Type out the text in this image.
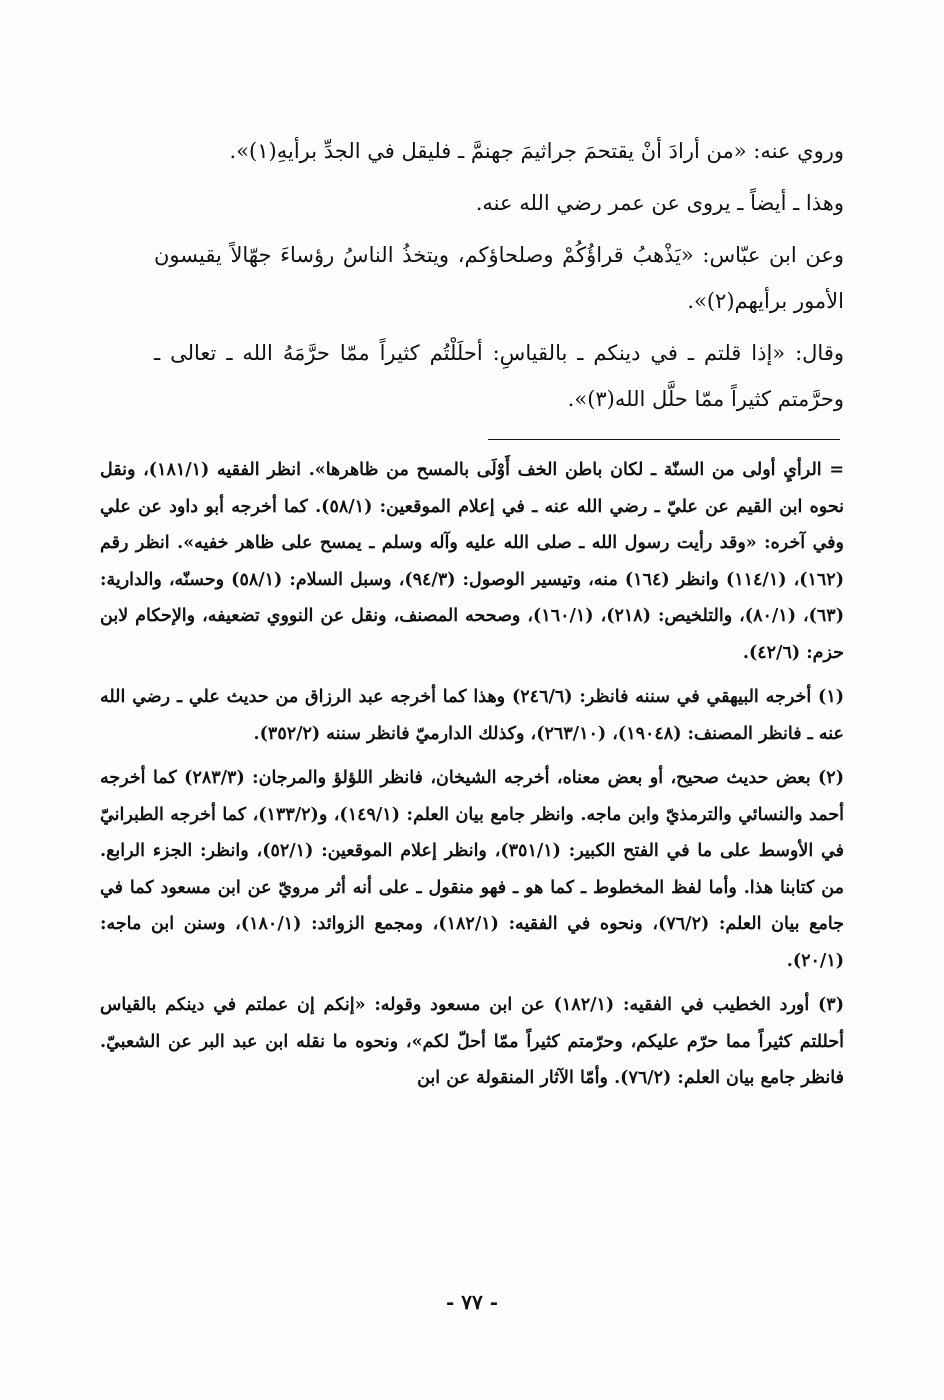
وروي عنه: «من أرادَ أنْ يقتحمَ جراثيمَ جهنمَّ ـ فليقل في الجدِّ برأيهِ(١)».

وهذا ـ أيضاً ـ يروى عن عمر رضي الله عنه.

وعن ابن عبّاس: «يَذْهبُ قراؤُكُمْ وصلحاؤكم، ويتخذُ الناسُ رؤساءَ جهّالاً يقيسون الأمور برأيهم(٢)».

وقال: «إذا قلتم ـ في دينكم ـ بالقياسِ: أحلَلْتُم كثيراً ممّا حرَّمَهُ الله ـ تعالى ـ وحرَّمتم كثيراً ممّا حلَّل الله(٣)».

= الرأيِ أولى من السنّة ـ لكان باطن الخف أَوْلَى بالمسح من ظاهرها». انظر الفقيه (١٨١/١)، ونقل نحوه ابن القيم عن عليّ ـ رضي الله عنه ـ في إعلام الموقعين: (٥٨/١). كما أخرجه أبو داود عن علي وفي آخره: «وقد رأيت رسول الله ـ صلى الله عليه وآله وسلم ـ يمسح على ظاهر خفيه». انظر رقم (١٦٢)، (١١٤/١) وانظر (١٦٤) منه، وتيسير الوصول: (٩٤/٣)، وسبل السلام: (٥٨/١) وحسنّه، والدارية: (٦٣)، (٨٠/١)، والتلخيص: (٢١٨)، (١٦٠/١)، وصححه المصنف، ونقل عن النووي تضعيفه، والإحكام لابن حزم: (٤٢/٦).

(١) أخرجه البيهقي في سننه فانظر: (٢٤٦/٦) وهذا كما أخرجه عبد الرزاق من حديث علي ـ رضي الله عنه ـ فانظر المصنف: (١٩٠٤٨)، (٢٦٣/١٠)، وكذلك الدارميّ فانظر سننه (٣٥٢/٢).

(٢) بعض حديث صحيح، أو بعض معناه، أخرجه الشيخان، فانظر اللؤلؤ والمرجان: (٢٨٣/٣) كما أخرجه أحمد والنسائي والترمذيّ وابن ماجه. وانظر جامع بيان العلم: (١٤٩/١)، و(١٣٣/٢)، كما أخرجه الطبرانيّ في الأوسط على ما في الفتح الكبير: (٣٥١/١)، وانظر إعلام الموقعين: (٥٢/١)، وانظر: الجزء الرابع. من كتابنا هذا. وأما لفظ المخطوط ـ كما هو ـ فهو منقول ـ على أنه أثر مرويّ عن ابن مسعود كما في جامع بيان العلم: (٧٦/٢)، ونحوه في الفقيه: (١٨٢/١)، ومجمع الزوائد: (١٨٠/١)، وسنن ابن ماجه: (٢٠/١).

(٣) أورد الخطيب في الفقيه: (١٨٢/١) عن ابن مسعود وقوله: «إنكم إن عملتم في دينكم بالقياس أحللتم كثيراً مما حرّم عليكم، وحرّمتم كثيراً ممّا أحلّ لكم»، ونحوه ما نقله ابن عبد البر عن الشعبيّ. فانظر جامع بيان العلم: (٧٦/٢). وأمّا الآثار المنقولة عن ابن

- ٧٧ -
